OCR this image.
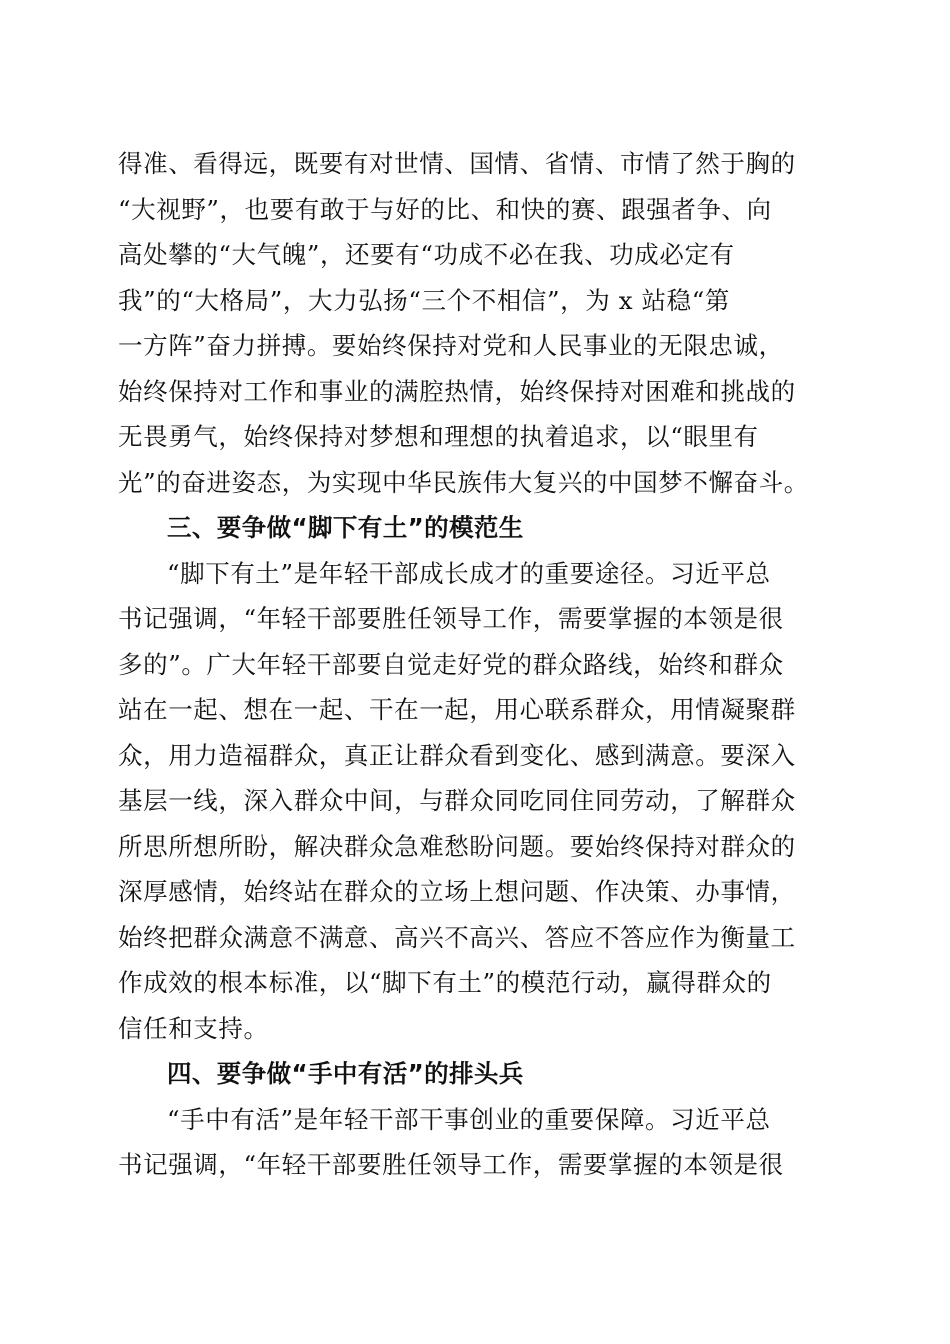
得准、看得远，既要有对世情、国情、省情、市情了然于胸的
“大视野”，也要有敢于与好的比、和快的赛、跟强者争、向
高处攀的“大气魄”，还要有“功成不必在我、功成必定有
我”的“大格局”，大力弘扬“三个不相信”，为 x 站稳“第
一方阵”奋力拼搏。要始终保持对党和人民事业的无限忠诚，
始终保持对工作和事业的满腔热情，始终保持对困难和挑战的
无畏勇气，始终保持对梦想和理想的执着追求，以“眼里有
光”的奋进姿态，为实现中华民族伟大复兴的中国梦不懈奋斗。
三、要争做“脚下有土”的模范生
“脚下有土”是年轻干部成长成才的重要途径。习近平总
书记强调，“年轻干部要胜任领导工作，需要掌握的本领是很
多的”。广大年轻干部要自觉走好党的群众路线，始终和群众
站在一起、想在一起、干在一起，用心联系群众，用情凝聚群
众，用力造福群众，真正让群众看到变化、感到满意。要深入
基层一线，深入群众中间，与群众同吃同住同劳动，了解群众
所思所想所盼，解决群众急难愁盼问题。要始终保持对群众的
深厚感情，始终站在群众的立场上想问题、作决策、办事情，
始终把群众满意不满意、高兴不高兴、答应不答应作为衡量工
作成效的根本标准，以“脚下有土”的模范行动，赢得群众的
信任和支持。
四、要争做“手中有活”的排头兵
“手中有活”是年轻干部干事创业的重要保障。习近平总
书记强调，“年轻干部要胜任领导工作，需要掌握的本领是很
